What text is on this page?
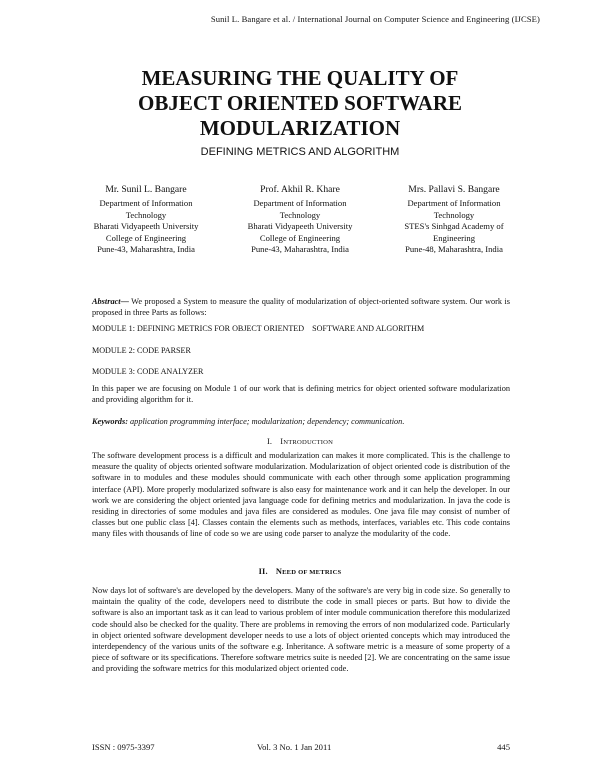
Sunil L. Bangare et al. / International Journal on Computer Science and Engineering (IJCSE)
MEASURING THE QUALITY OF
OBJECT ORIENTED SOFTWARE
MODULARIZATION
DEFINING METRICS AND ALGORITHM
Mr. Sunil L. Bangare
Department of Information
Technology
Bharati Vidyapeeth University
College of Engineering
Pune-43, Maharashtra, India
Prof. Akhil R. Khare
Department of Information
Technology
Bharati Vidyapeeth University
College of Engineering
Pune-43, Maharashtra, India
Mrs. Pallavi S. Bangare
Department of Information
Technology
STES's Sinhgad Academy of
Engineering
Pune-48, Maharashtra, India
Abstract— We proposed a System to measure the quality of modularization of object-oriented software system. Our work is proposed in three Parts as follows:
MODULE 1: DEFINING METRICS FOR OBJECT ORIENTED    SOFTWARE AND ALGORITHM
MODULE 2: CODE PARSER
MODULE 3: CODE ANALYZER
In this paper we are focusing on Module 1 of our work that is defining metrics for object oriented software modularization and providing algorithm for it.
Keywords: application programming interface; modularization; dependency; communication.
I. INTRODUCTION
The software development process is a difficult and modularization can makes it more complicated. This is the challenge to measure the quality of objects oriented software modularization. Modularization of object oriented code is distribution of the software in to modules and these modules should communicate with each other through some application programming interface (API). More properly modularized software is also easy for maintenance work and it can help the developer. In our work we are considering the object oriented java language code for defining metrics and modularization. In java the code is residing in directories of some modules and java files are considered as modules. One java file may consist of number of classes but one public class [4]. Classes contain the elements such as methods, interfaces, variables etc. This code contains many files with thousands of line of code so we are using code parser to analyze the modularity of the code.
II. NEED OF METRICS
Now days lot of software's are developed by the developers. Many of the software's are very big in code size. So generally to maintain the quality of the code, developers need to distribute the code in small pieces or parts. But how to divide the software is also an important task as it can lead to various problem of inter module communication therefore this modularized code should also be checked for the quality. There are problems in removing the errors of non modularized code. Particularly in object oriented software development developer needs to use a lots of object oriented concepts which may introduced the interdependency of the various units of the software e.g. Inheritance. A software metric is a measure of some property of a piece of software or its specifications. Therefore software metrics suite is needed [2]. We are concentrating on the same issue and providing the software metrics for this modularized object oriented code.
ISSN : 0975-3397	Vol. 3 No. 1 Jan 2011	445
